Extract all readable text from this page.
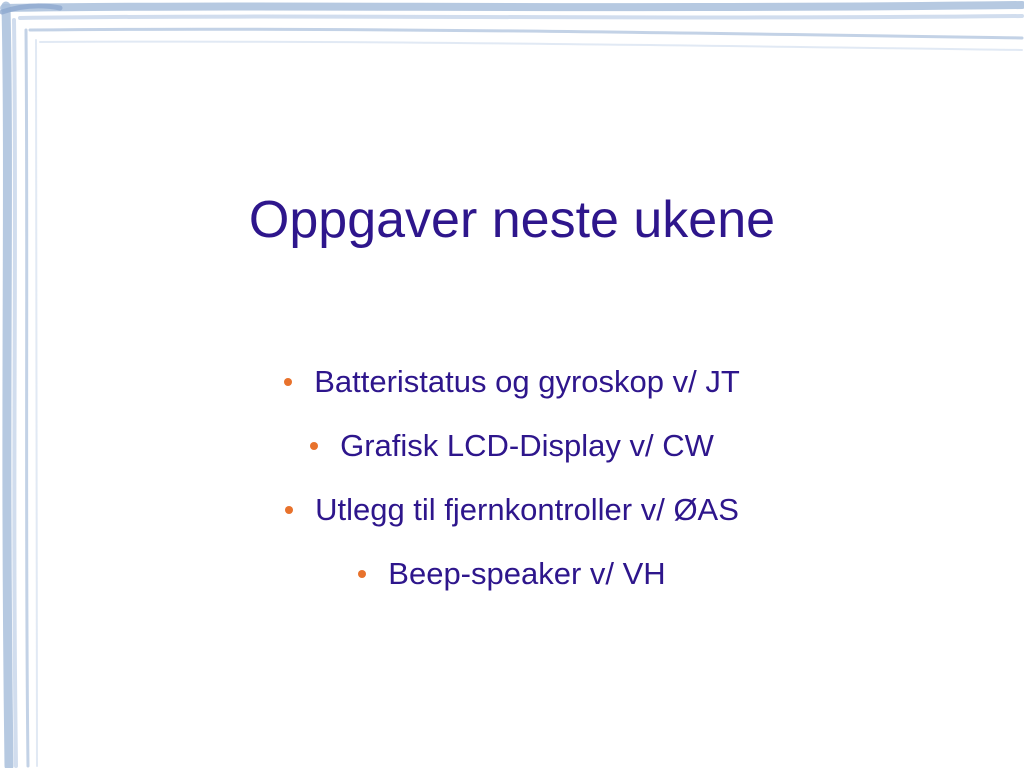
Oppgaver neste ukene
Batteristatus og gyroskop v/ JT
Grafisk LCD-Display v/ CW
Utlegg til fjernkontroller v/ ØAS
Beep-speaker v/ VH
